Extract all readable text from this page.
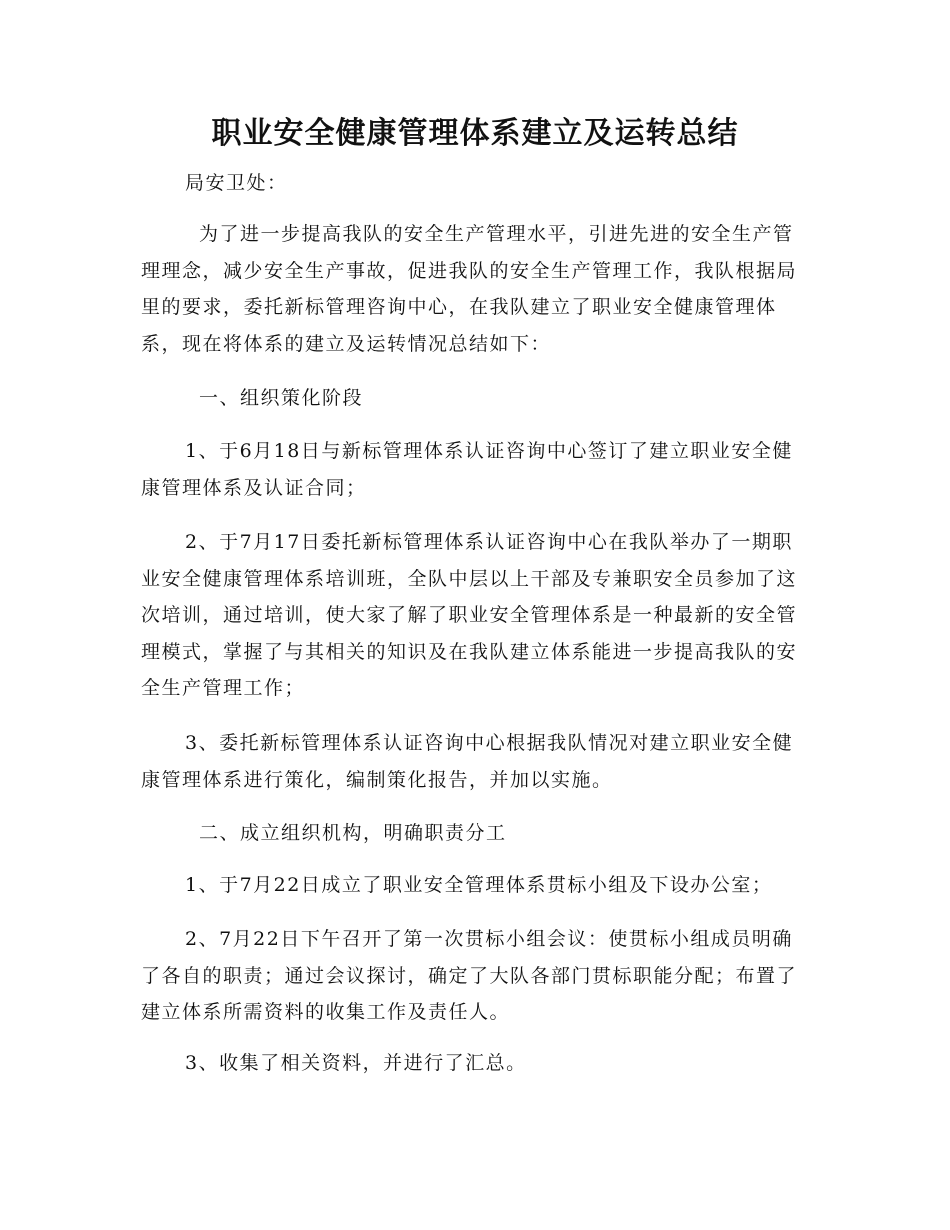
职业安全健康管理体系建立及运转总结
局安卫处：
为了进一步提高我队的安全生产管理水平，引进先进的安全生产管理理念，减少安全生产事故，促进我队的安全生产管理工作，我队根据局里的要求，委托新标管理咨询中心，在我队建立了职业安全健康管理体系，现在将体系的建立及运转情况总结如下：
一、组织策化阶段
1、于6月18日与新标管理体系认证咨询中心签订了建立职业安全健康管理体系及认证合同；
2、于7月17日委托新标管理体系认证咨询中心在我队举办了一期职业安全健康管理体系培训班，全队中层以上干部及专兼职安全员参加了这次培训，通过培训，使大家了解了职业安全管理体系是一种最新的安全管理模式，掌握了与其相关的知识及在我队建立体系能进一步提高我队的安全生产管理工作；
3、委托新标管理体系认证咨询中心根据我队情况对建立职业安全健康管理体系进行策化，编制策化报告，并加以实施。
二、成立组织机构，明确职责分工
1、于7月22日成立了职业安全管理体系贯标小组及下设办公室；
2、7月22日下午召开了第一次贯标小组会议：使贯标小组成员明确了各自的职责；通过会议探讨，确定了大队各部门贯标职能分配；布置了建立体系所需资料的收集工作及责任人。
3、收集了相关资料，并进行了汇总。
